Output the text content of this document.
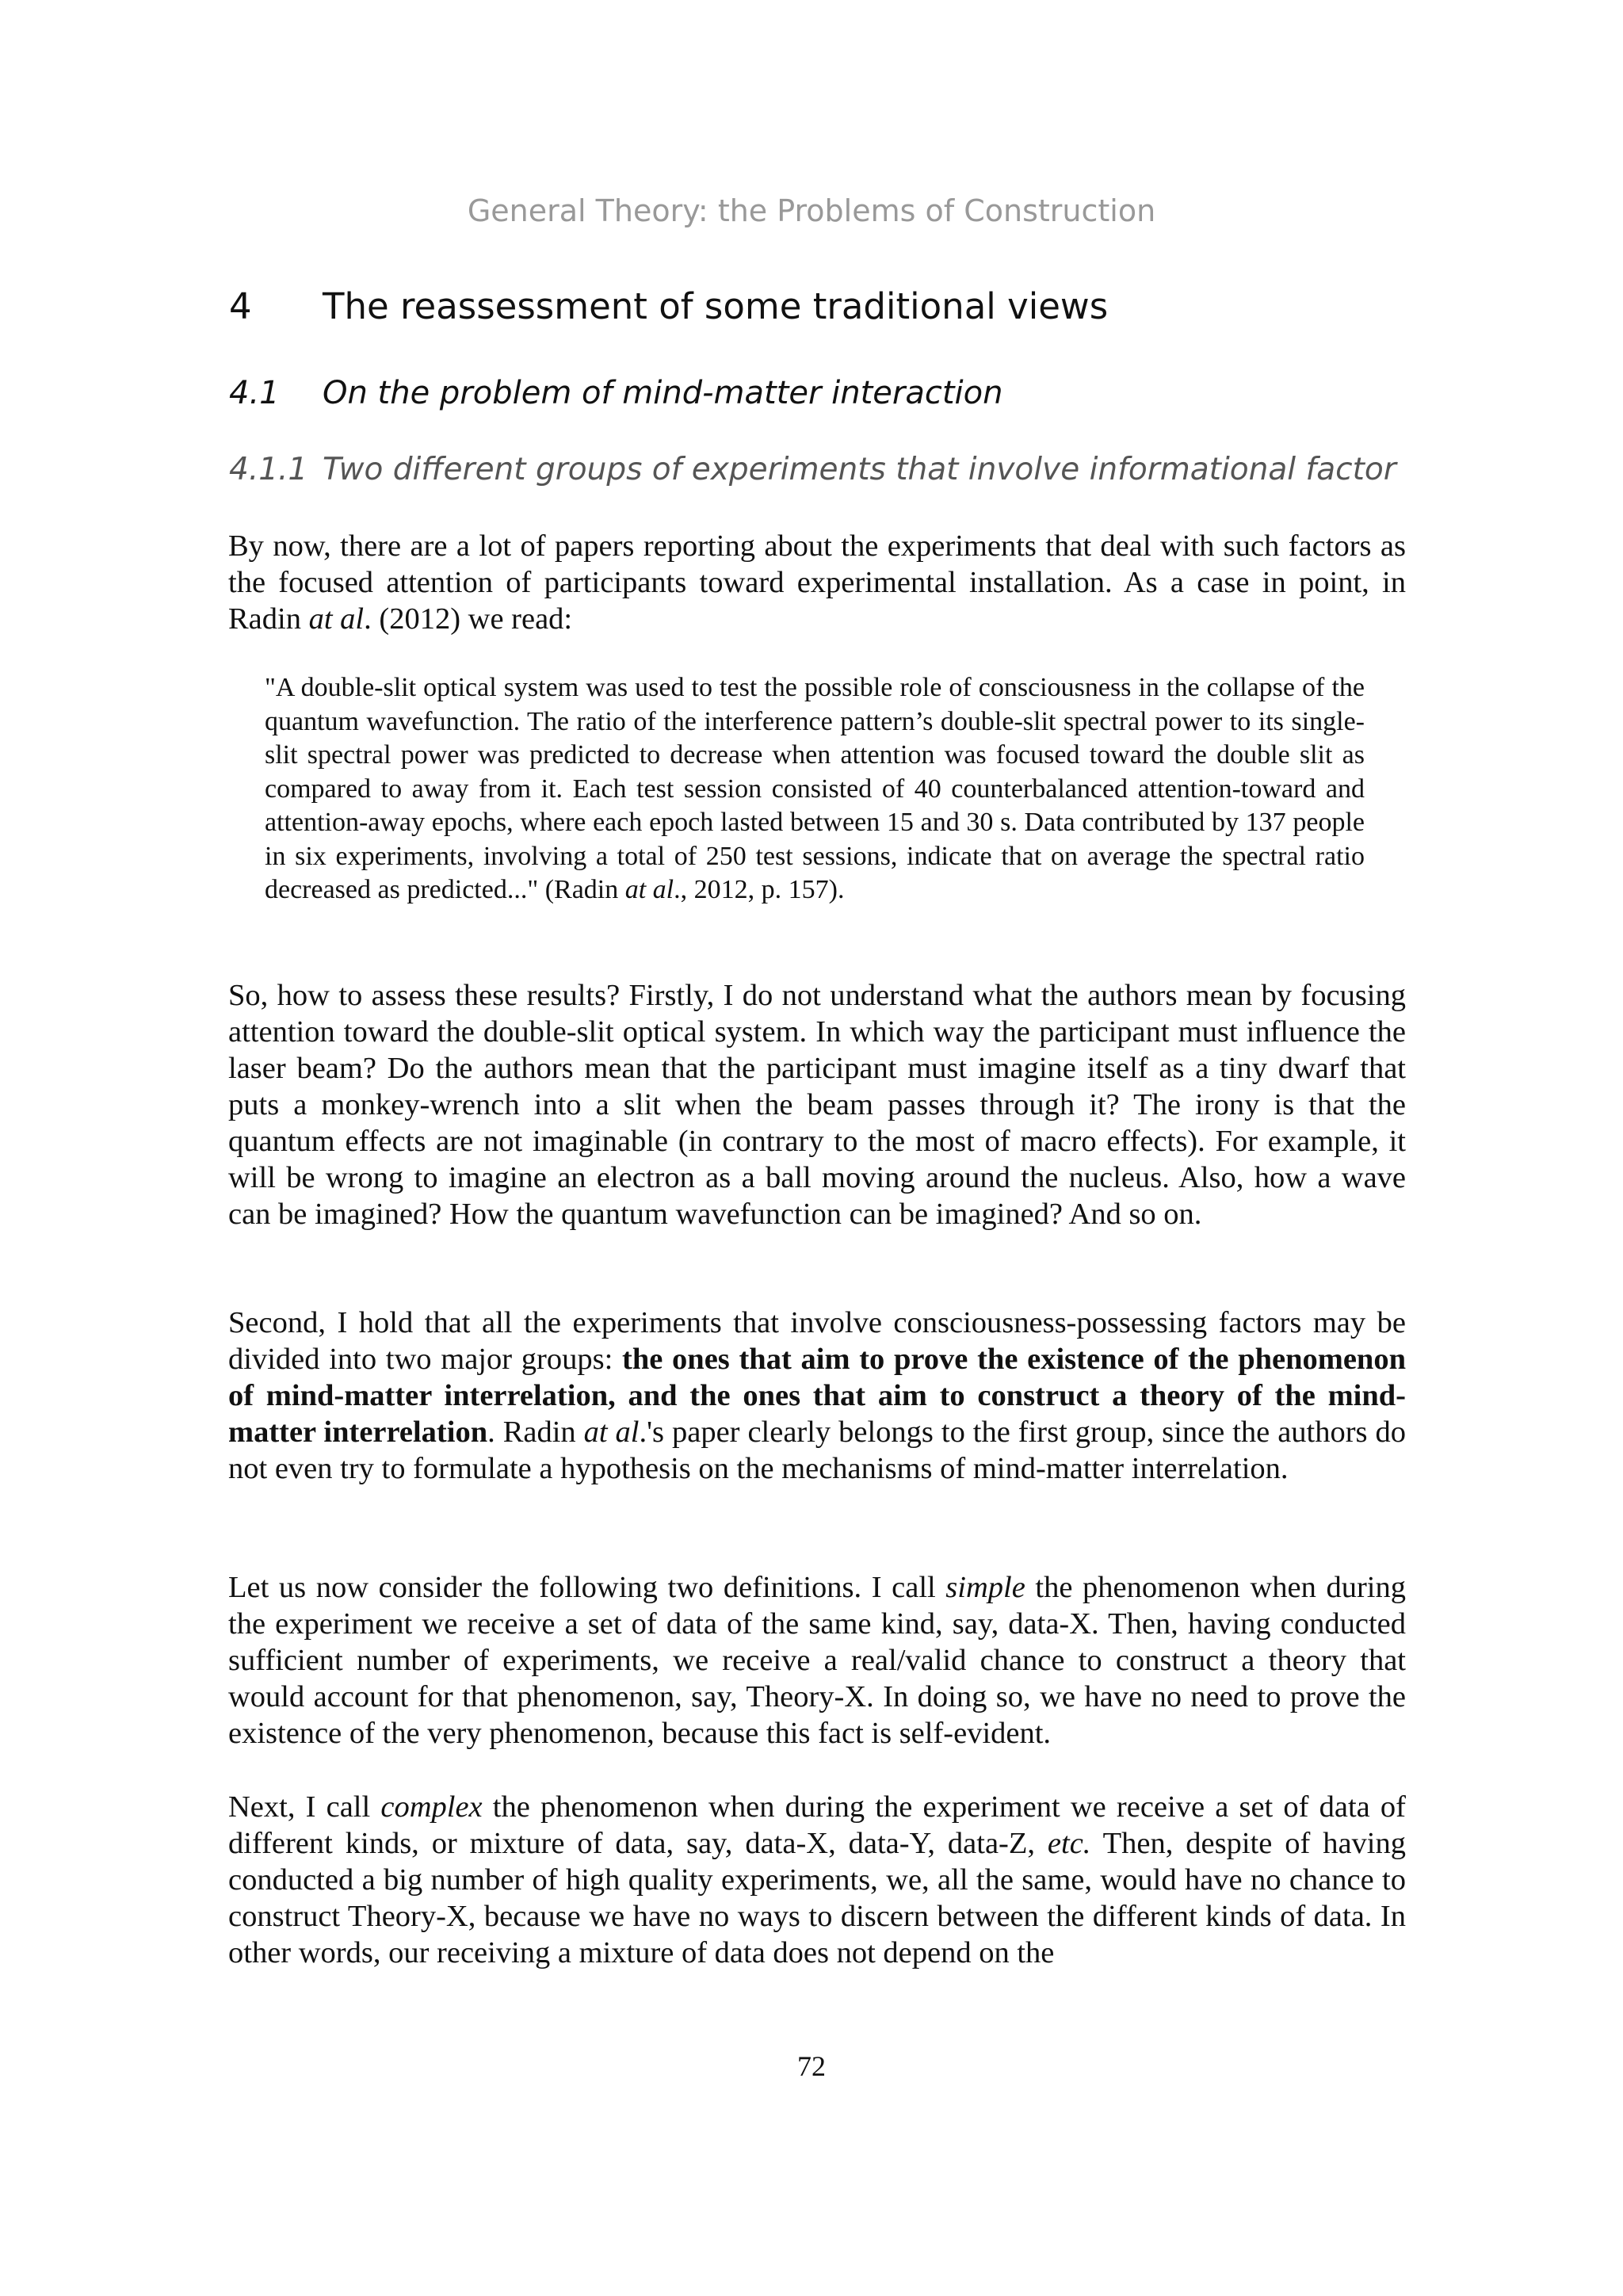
General Theory: the Problems of Construction

4 The reassessment of some traditional views
4.1 On the problem of mind-matter interaction
4.1.1 Two different groups of experiments that involve informational factor

By now, there are a lot of papers reporting about the experiments that deal with such factors as the focused attention of participants toward experimental installation. As a case in point, in Radin at al. (2012) we read:

"A double-slit optical system was used to test the possible role of consciousness in the collapse of the quantum wavefunction. The ratio of the interference pattern’s double-slit spectral power to its single-slit spectral power was predicted to decrease when attention was focused toward the double slit as compared to away from it. Each test session consisted of 40 counterbalanced attention-toward and attention-away epochs, where each epoch lasted between 15 and 30 s. Data contributed by 137 people in six experiments, involving a total of 250 test sessions, indicate that on average the spectral ratio decreased as predicted..." (Radin at al., 2012, p. 157).

So, how to assess these results? Firstly, I do not understand what the authors mean by focusing attention toward the double-slit optical system. In which way the participant must influence the laser beam? Do the authors mean that the participant must imagine itself as a tiny dwarf that puts a monkey-wrench into a slit when the beam passes through it? The irony is that the quantum effects are not imaginable (in contrary to the most of macro effects). For example, it will be wrong to imagine an electron as a ball moving around the nucleus. Also, how a wave can be imagined? How the quantum wavefunction can be imagined? And so on.

Second, I hold that all the experiments that involve consciousness-possessing factors may be divided into two major groups: the ones that aim to prove the existence of the phenomenon of mind-matter interrelation, and the ones that aim to construct a theory of the mind-matter interrelation. Radin at al.'s paper clearly belongs to the first group, since the authors do not even try to formulate a hypothesis on the mechanisms of mind-matter interrelation.

Let us now consider the following two definitions. I call simple the phenomenon when during the experiment we receive a set of data of the same kind, say, data-X. Then, having conducted sufficient number of experiments, we receive a real/valid chance to construct a theory that would account for that phenomenon, say, Theory-X. In doing so, we have no need to prove the existence of the very phenomenon, because this fact is self-evident.

Next, I call complex the phenomenon when during the experiment we receive a set of data of different kinds, or mixture of data, say, data-X, data-Y, data-Z, etc. Then, despite of having conducted a big number of high quality experiments, we, all the same, would have no chance to construct Theory-X, because we have no ways to discern between the different kinds of data. In other words, our receiving a mixture of data does not depend on the

72
